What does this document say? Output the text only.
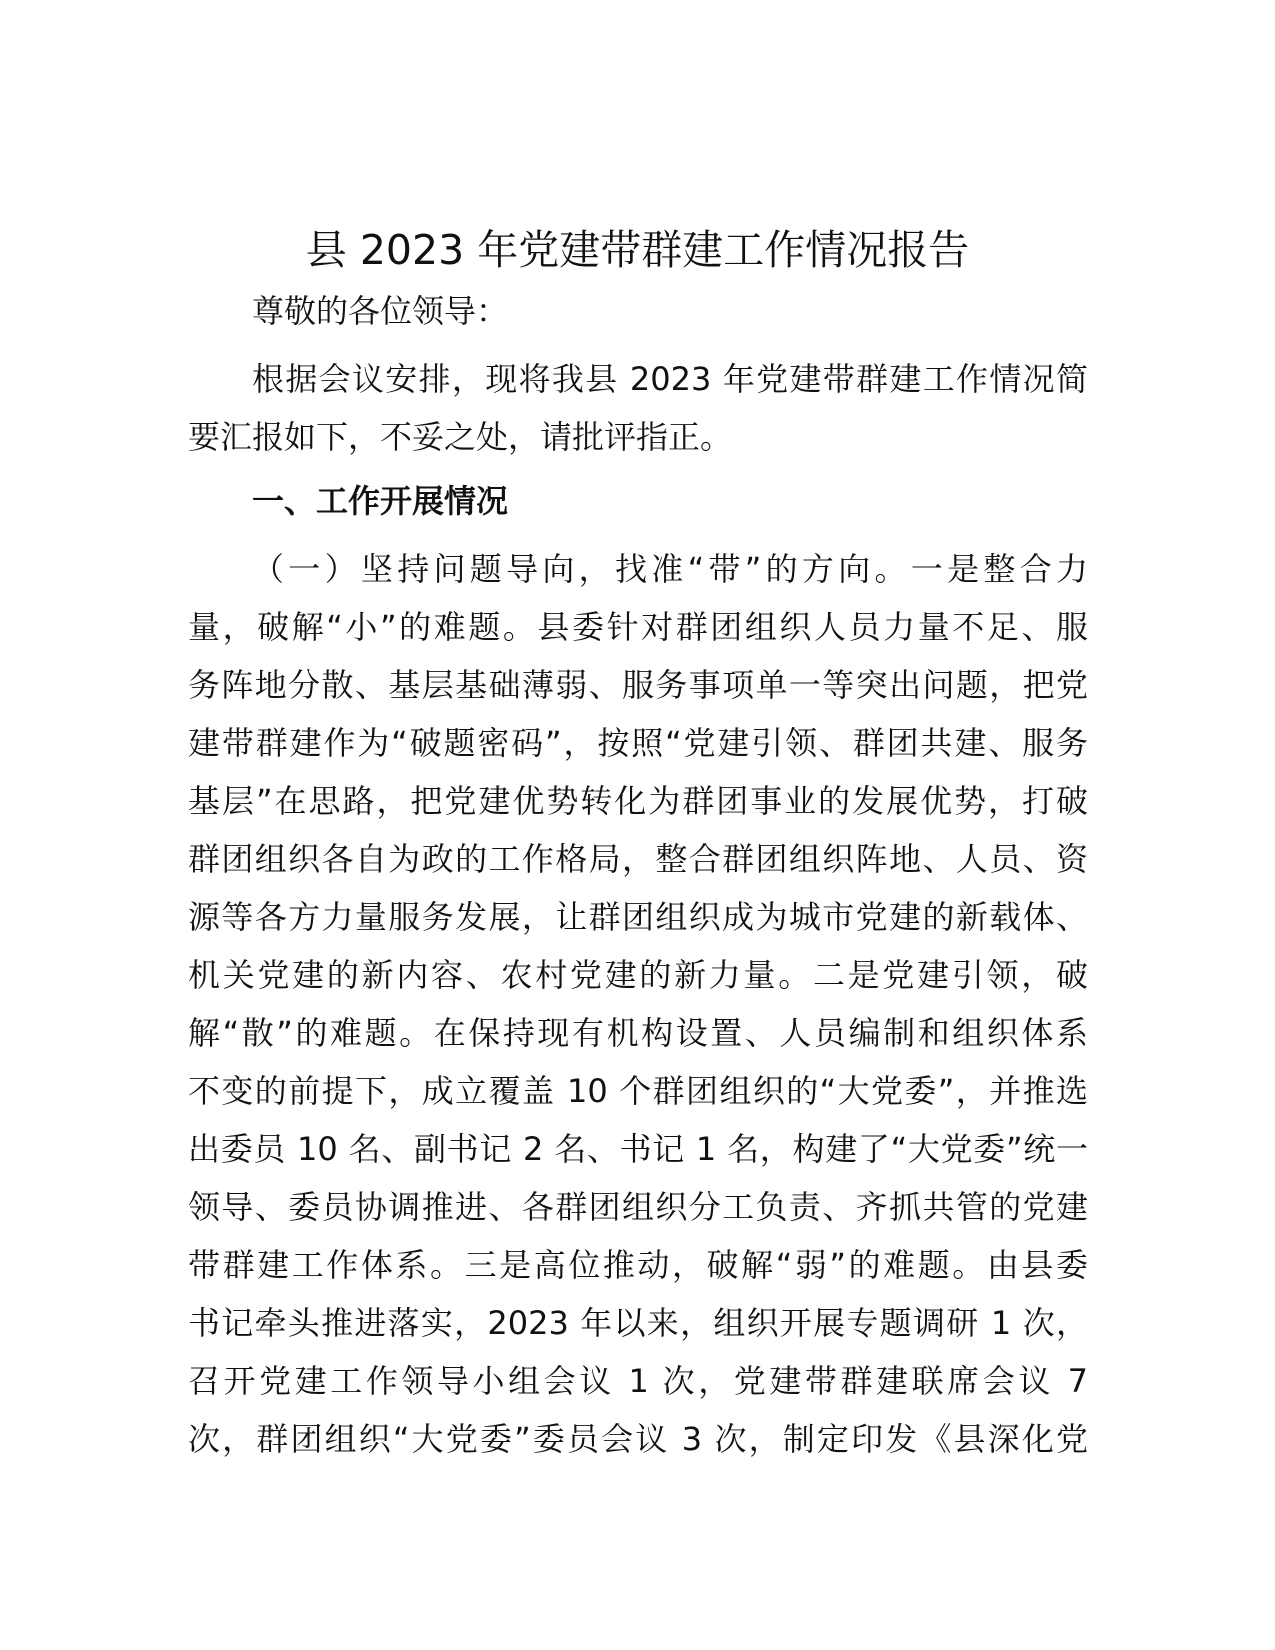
县 2023 年党建带群建工作情况报告
尊敬的各位领导：
根据会议安排，现将我县 2023 年党建带群建工作情况简
要汇报如下，不妥之处，请批评指正。
一、工作开展情况
（一）坚持问题导向，找准“带”的方向。一是整合力
量，破解“小”的难题。县委针对群团组织人员力量不足、服
务阵地分散、基层基础薄弱、服务事项单一等突出问题，把党
建带群建作为“破题密码”，按照“党建引领、群团共建、服务
基层”在思路，把党建优势转化为群团事业的发展优势，打破
群团组织各自为政的工作格局，整合群团组织阵地、人员、资
源等各方力量服务发展，让群团组织成为城市党建的新载体、
机关党建的新内容、农村党建的新力量。二是党建引领，破
解“散”的难题。在保持现有机构设置、人员编制和组织体系
不变的前提下，成立覆盖 10 个群团组织的“大党委”，并推选
出委员 10 名、副书记 2 名、书记 1 名，构建了“大党委”统一
领导、委员协调推进、各群团组织分工负责、齐抓共管的党建
带群建工作体系。三是高位推动，破解“弱”的难题。由县委
书记牵头推进落实，2023 年以来，组织开展专题调研 1 次，
召开党建工作领导小组会议 1 次，党建带群建联席会议 7
次，群团组织“大党委”委员会议 3 次，制定印发《县深化党
